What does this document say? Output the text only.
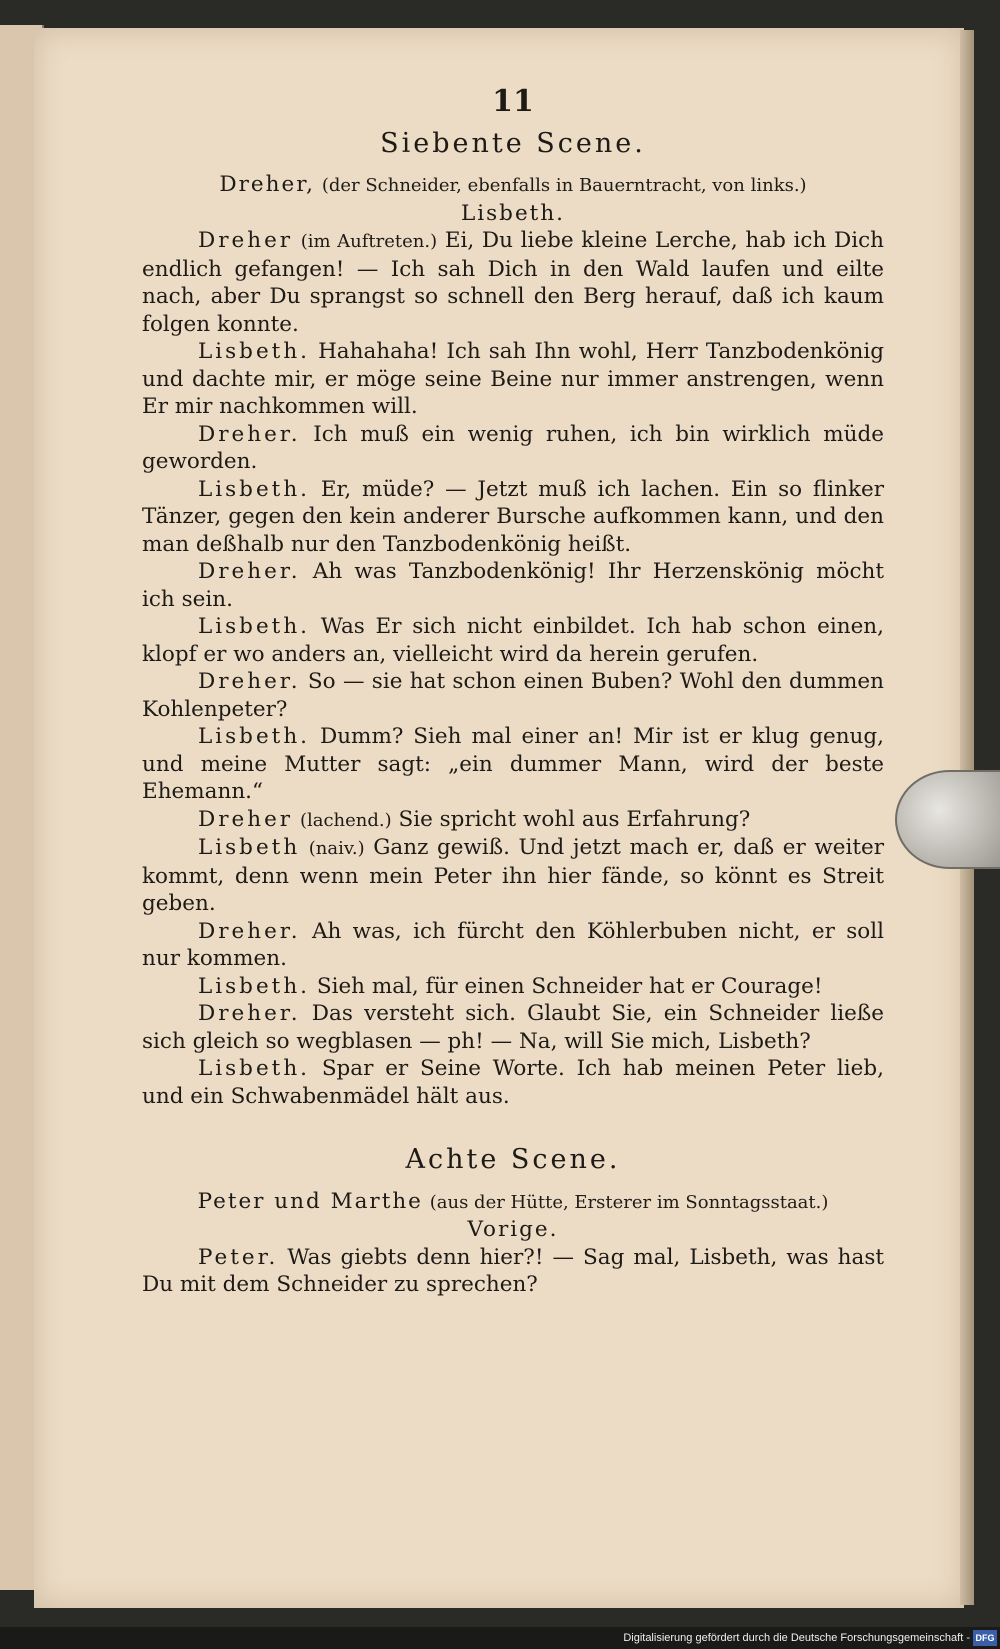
11
Siebente Scene.

Dreher, (der Schneider, ebenfalls in Bauerntracht, von links.)

Lisbeth.

Dreher (im Auftreten.) Ei, Du liebe kleine Lerche, hab ich Dich endlich gefangen! — Ich sah Dich in den Wald laufen und eilte nach, aber Du sprangst so schnell den Berg herauf, daß ich kaum folgen konnte.

Lisbeth. Hahahaha! Ich sah Ihn wohl, Herr Tanzbodenkönig und dachte mir, er möge seine Beine nur immer anstrengen, wenn Er mir nachkommen will.

Dreher. Ich muß ein wenig ruhen, ich bin wirklich müde geworden.

Lisbeth. Er, müde? — Jetzt muß ich lachen. Ein so flinker Tänzer, gegen den kein anderer Bursche aufkommen kann, und den man deßhalb nur den Tanzbodenkönig heißt.

Dreher. Ah was Tanzbodenkönig! Ihr Herzenskönig möcht ich sein.

Lisbeth. Was Er sich nicht einbildet. Ich hab schon einen, klopf er wo anders an, vielleicht wird da herein gerufen.

Dreher. So — sie hat schon einen Buben? Wohl den dummen Kohlenpeter?

Lisbeth. Dumm? Sieh mal einer an! Mir ist er klug genug, und meine Mutter sagt: „ein dummer Mann, wird der beste Ehemann.“

Dreher (lachend.) Sie spricht wohl aus Erfahrung?

Lisbeth (naiv.) Ganz gewiß. Und jetzt mach er, daß er weiter kommt, denn wenn mein Peter ihn hier fände, so könnt es Streit geben.

Dreher. Ah was, ich fürcht den Köhlerbuben nicht, er soll nur kommen.

Lisbeth. Sieh mal, für einen Schneider hat er Courage!

Dreher. Das versteht sich. Glaubt Sie, ein Schneider ließe sich gleich so wegblasen — ph! — Na, will Sie mich, Lisbeth?

Lisbeth. Spar er Seine Worte. Ich hab meinen Peter lieb, und ein Schwabenmädel hält aus.

Achte Scene.

Peter und Marthe (aus der Hütte, Ersterer im Sonntagsstaat.)

Vorige.

Peter. Was giebts denn hier?! — Sag mal, Lisbeth, was hast Du mit dem Schneider zu sprechen?

Digitalisierung gefördert durch die Deutsche Forschungsgemeinschaft - DFG
